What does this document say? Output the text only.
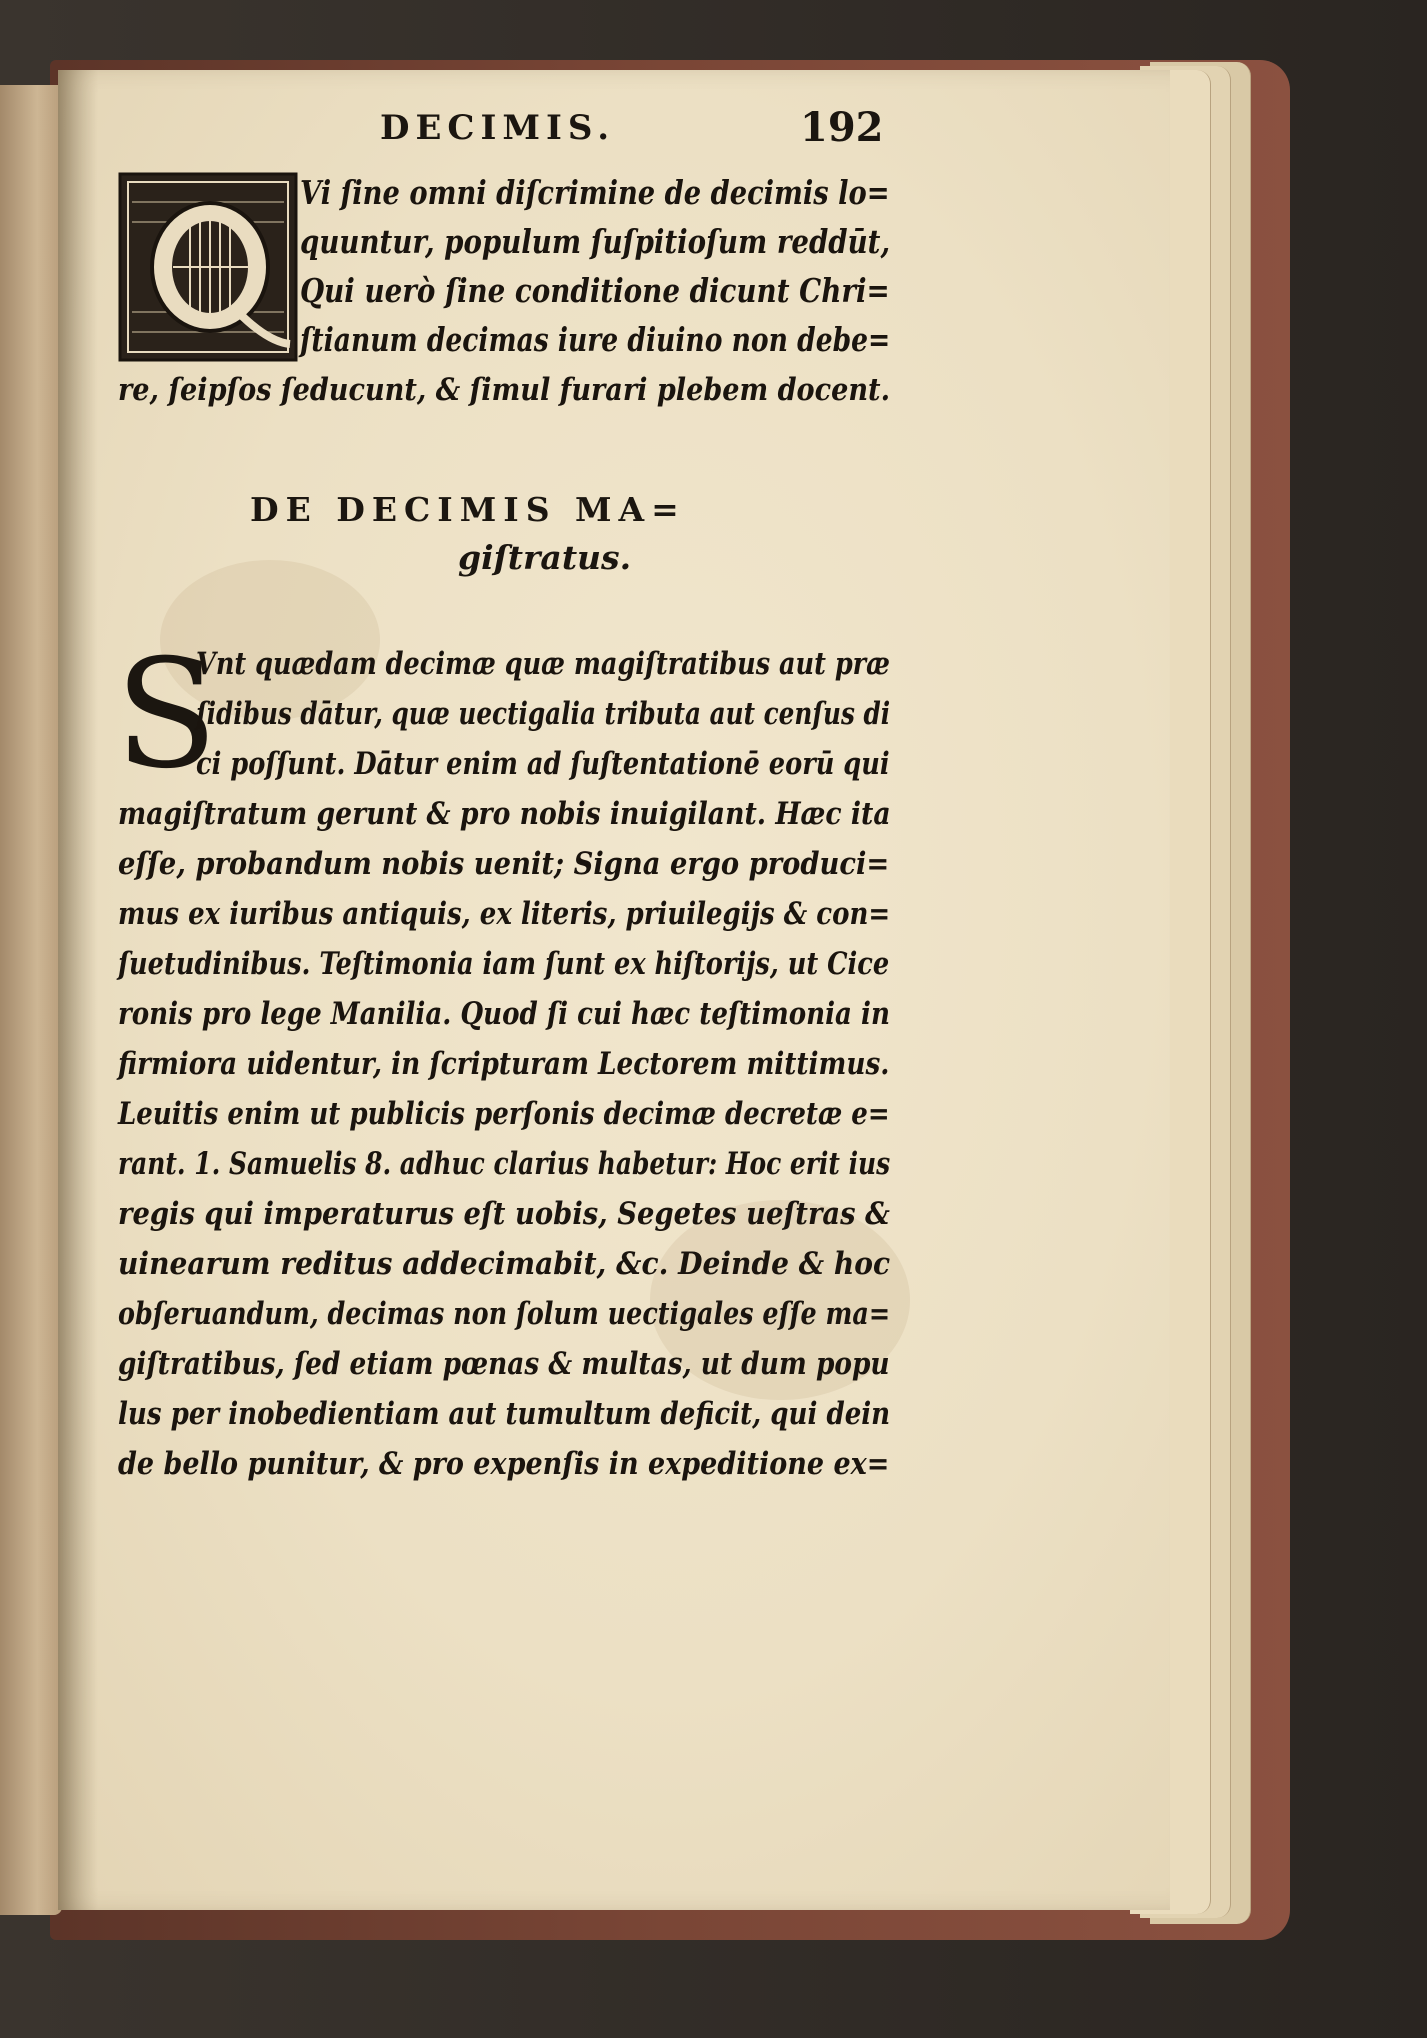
DECIMIS.	192
Vi ſine omni diſcrimine de decimis lo=
quuntur, populum ſuſpitioſum reddūt,
Qui uerò ſine conditione dicunt Chri=
ſtianum decimas iure diuino non debe=
re, ſeipſos ſeducunt, & ſimul furari plebem docent.
DE DECIMIS MA=
giſtratus.
S
Vnt quædam decimæ quæ magiſtratibus aut præ
ſidibus dātur, quæ uectigalia tributa aut cenſus di
ci poſſunt. Dātur enim ad ſuſtentationē eorū qui
magiſtratum gerunt & pro nobis inuigilant. Hæc ita
eſſe, probandum nobis uenit; Signa ergo produci=
mus ex iuribus antiquis, ex literis, priuilegijs & con=
ſuetudinibus. Teſtimonia iam ſunt ex hiſtorijs, ut Cice
ronis pro lege Manilia. Quod ſi cui hæc teſtimonia in
firmiora uidentur, in ſcripturam Lectorem mittimus.
Leuitis enim ut publicis perſonis decimæ decretæ e=
rant. 1. Samuelis 8. adhuc clarius habetur: Hoc erit ius
regis qui imperaturus eſt uobis, Segetes ueſtras &
uinearum reditus addecimabit, &c. Deinde & hoc
obſeruandum, decimas non ſolum uectigales eſſe ma=
giſtratibus, ſed etiam pœnas & multas, ut dum popu
lus per inobedientiam aut tumultum deficit, qui dein
de bello punitur, & pro expenſis in expeditione ex=
